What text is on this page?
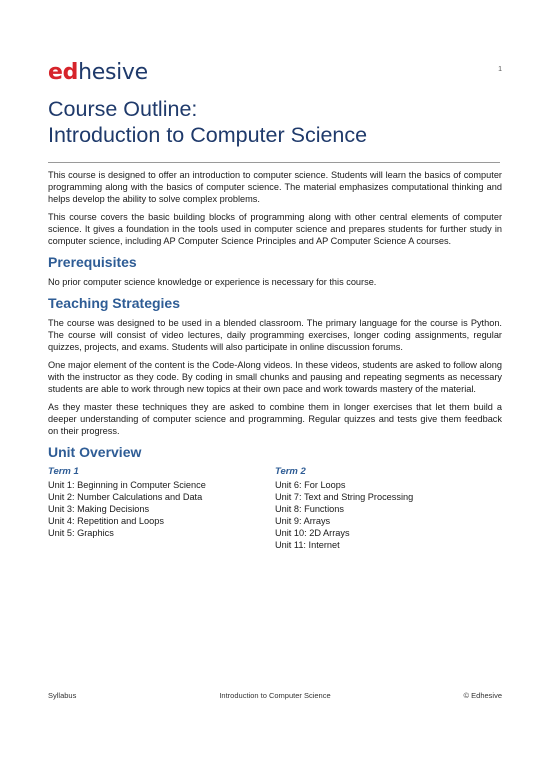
edhesive	1
Course Outline:
Introduction to Computer Science

This course is designed to offer an introduction to computer science. Students will learn the basics of computer programming along with the basics of computer science. The material emphasizes computational thinking and helps develop the ability to solve complex problems.

This course covers the basic building blocks of programming along with other central elements of computer science. It gives a foundation in the tools used in computer science and prepares students for further study in computer science, including AP Computer Science Principles and AP Computer Science A courses.

Prerequisites

No prior computer science knowledge or experience is necessary for this course.

Teaching Strategies

The course was designed to be used in a blended classroom. The primary language for the course is Python. The course will consist of video lectures, daily programming exercises, longer coding assignments, regular quizzes, projects, and exams. Students will also participate in online discussion forums.

One major element of the content is the Code-Along videos. In these videos, students are asked to follow along with the instructor as they code. By coding in small chunks and pausing and repeating segments as necessary students are able to work through new topics at their own pace and work towards mastery of the material.

As they master these techniques they are asked to combine them in longer exercises that let them build a deeper understanding of computer science and programming. Regular quizzes and tests give them feedback on their progress.

Unit Overview
Term 1
Unit 1: Beginning in Computer Science
Unit 2: Number Calculations and Data
Unit 3: Making Decisions
Unit 4: Repetition and Loops
Unit 5: Graphics
Term 2
Unit 6: For Loops
Unit 7: Text and String Processing
Unit 8: Functions
Unit 9: Arrays
Unit 10: 2D Arrays
Unit 11: Internet
Syllabus	Introduction to Computer Science	© Edhesive
